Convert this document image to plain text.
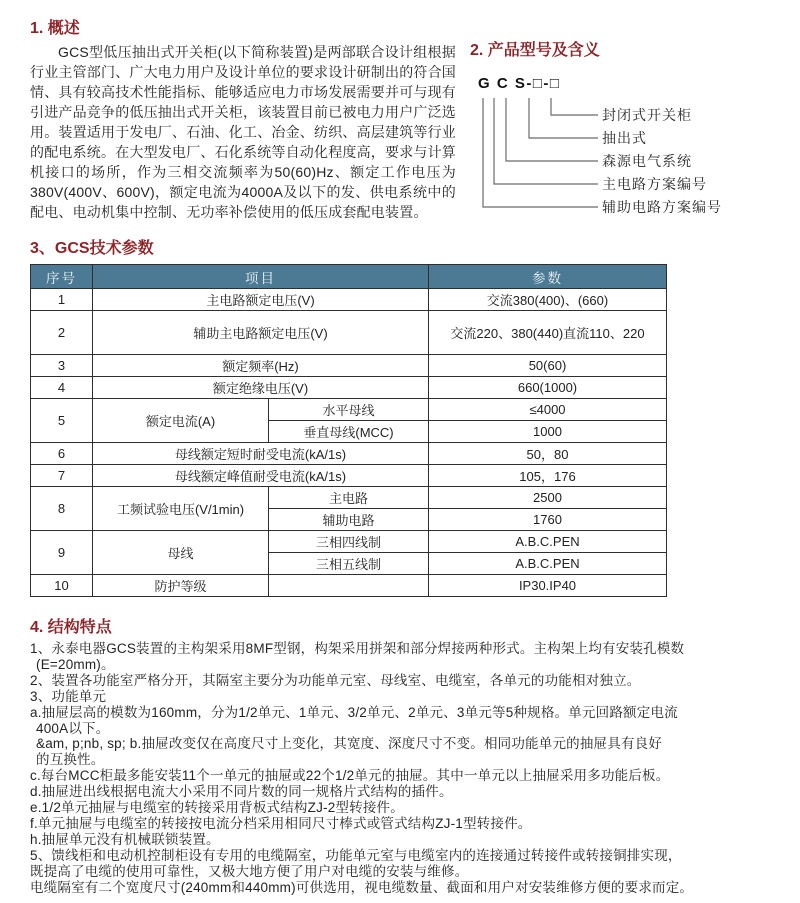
1. 概述

GCS型低压抽出式开关柜(以下简称装置)是两部联合设计组根据行业主管部门、广大电力用户及设计单位的要求设计研制出的符合国情、具有较高技术性能指标、能够适应电力市场发展需要并可与现有引进产品竞争的低压抽出式开关柜，该装置目前已被电力用户广泛选用。装置适用于发电厂、石油、化工、冶金、纺织、高层建筑等行业的配电系统。在大型发电厂、石化系统等自动化程度高，要求与计算机接口的场所，作为三相交流频率为50(60)Hz、额定工作电压为380V(400V、600V)，额定电流为4000A及以下的发、供电系统中的配电、电动机集中控制、无功率补偿使用的低压成套配电装置。

2. 产品型号及含义
G C S-□-□
封闭式开关柜
抽出式
森源电气系统
主电路方案编号
辅助电路方案编号
3、GCS技术参数
序号	项目		参数
1	主电路额定电压(V)		交流380(400)、(660)
2	辅助主电路额定电压(V)		交流220、380(440)直流110、220
3	额定频率(Hz)		50(60)
4	额定绝缘电压(V)		660(1000)
5	额定电流(A)	水平母线	≤4000
		垂直母线(MCC)	1000
6	母线额定短时耐受电流(kA/1s)		50，80
7	母线额定峰值耐受电流(kA/1s)		105，176
8	工频试验电压(V/1min)	主电路	2500
		辅助电路	1760
9	母线	三相四线制	A.B.C.PEN
		三相五线制	A.B.C.PEN
10	防护等级		IP30.IP40
4. 结构特点
1、永泰电器GCS装置的主构架采用8MF型钢，构架采用拼架和部分焊接两种形式。主构架上均有安装孔模数
(E=20mm)。
2、装置各功能室严格分开，其隔室主要分为功能单元室、母线室、电缆室，各单元的功能相对独立。
3、功能单元
a.抽屉层高的模数为160mm，分为1/2单元、1单元、3/2单元、2单元、3单元等5种规格。单元回路额定电流
400A以下。
&am, p;nb, sp; b.抽屉改变仅在高度尺寸上变化，其宽度、深度尺寸不变。相同功能单元的抽屉具有良好
的互换性。
c.每台MCC柜最多能安装11个一单元的抽屉或22个1/2单元的抽屉。其中一单元以上抽屉采用多功能后板。
d.抽屉进出线根据电流大小采用不同片数的同一规格片式结构的插件。
e.1/2单元抽屉与电缆室的转接采用背板式结构ZJ-2型转接件。
f.单元抽屉与电缆室的转接按电流分档采用相同尺寸棒式或管式结构ZJ-1型转接件。
h.抽屉单元没有机械联锁装置。
5、馈线柜和电动机控制柜设有专用的电缆隔室，功能单元室与电缆室内的连接通过转接件或转接铜排实现，
既提高了电缆的使用可靠性，又极大地方便了用户对电缆的安装与维修。
电缆隔室有二个宽度尺寸(240mm和440mm)可供选用，视电缆数量、截面和用户对安装维修方便的要求而定。
